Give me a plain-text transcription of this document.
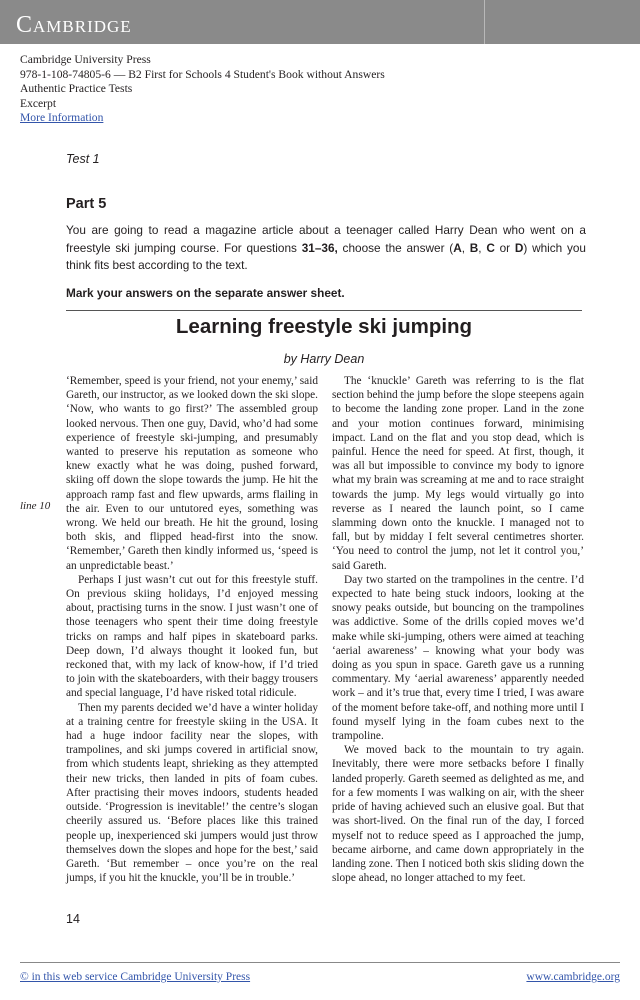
Cambridge
Cambridge University Press
978-1-108-74805-6 — B2 First for Schools 4 Student's Book without Answers
Authentic Practice Tests
Excerpt
More Information
Test 1
Part 5
You are going to read a magazine article about a teenager called Harry Dean who went on a freestyle ski jumping course. For questions 31–36, choose the answer (A, B, C or D) which you think fits best according to the text.
Mark your answers on the separate answer sheet.
Learning freestyle ski jumping
by Harry Dean
line 10

‘Remember, speed is your friend, not your enemy,’ said Gareth, our instructor, as we looked down the ski slope. ‘Now, who wants to go first?’ The assembled group looked nervous. Then one guy, David, who’d had some experience of freestyle ski-jumping, and presumably wanted to preserve his reputation as someone who knew exactly what he was doing, pushed forward, skiing off down the slope towards the jump. He hit the approach ramp fast and flew upwards, arms flailing in the air. Even to our untutored eyes, something was wrong. We held our breath. He hit the ground, losing both skis, and flipped head-first into the snow. ‘Remember,’ Gareth then kindly informed us, ‘speed is an unpredictable beast.’

Perhaps I just wasn’t cut out for this freestyle stuff. On previous skiing holidays, I’d enjoyed messing about, practising turns in the snow. I just wasn’t one of those teenagers who spent their time doing freestyle tricks on ramps and half pipes in skateboard parks. Deep down, I’d always thought it looked fun, but reckoned that, with my lack of know-how, if I’d tried to join with the skateboarders, with their baggy trousers and special language, I’d have risked total ridicule.

Then my parents decided we’d have a winter holiday at a training centre for freestyle skiing in the USA. It had a huge indoor facility near the slopes, with trampolines, and ski jumps covered in artificial snow, from which students leapt, shrieking as they attempted their new tricks, then landed in pits of foam cubes. After practising their moves indoors, students headed outside. ‘Progression is inevitable!’ the centre’s slogan cheerily assured us. ‘Before places like this trained people up, inexperienced ski jumpers would just throw themselves down the slopes and hope for the best,’ said Gareth. ‘But remember – once you’re on the real jumps, if you hit the knuckle, you’ll be in trouble.’

The ‘knuckle’ Gareth was referring to is the flat section behind the jump before the slope steepens again to become the landing zone proper. Land in the zone and your motion continues forward, minimising impact. Land on the flat and you stop dead, which is painful. Hence the need for speed. At first, though, it was all but impossible to convince my body to ignore what my brain was screaming at me and to race straight towards the jump. My legs would virtually go into reverse as I neared the launch point, so I came slamming down onto the knuckle. I managed not to fall, but by midday I felt several centimetres shorter. ‘You need to control the jump, not let it control you,’ said Gareth.

Day two started on the trampolines in the centre. I’d expected to hate being stuck indoors, looking at the snowy peaks outside, but bouncing on the trampolines was addictive. Some of the drills copied moves we’d make while ski-jumping, others were aimed at teaching ‘aerial awareness’ – knowing what your body was doing as you spun in space. Gareth gave us a running commentary. My ‘aerial awareness’ apparently needed work – and it’s true that, every time I tried, I was aware of the moment before take-off, and nothing more until I found myself lying in the foam cubes next to the trampoline.

We moved back to the mountain to try again. Inevitably, there were more setbacks before I finally landed properly. Gareth seemed as delighted as me, and for a few moments I was walking on air, with the sheer pride of having achieved such an elusive goal. But that was short-lived. On the final run of the day, I forced myself not to reduce speed as I approached the jump, became airborne, and came down appropriately in the landing zone. Then I noticed both skis sliding down the slope ahead, no longer attached to my feet.

14
© in this web service Cambridge University Press	www.cambridge.org
